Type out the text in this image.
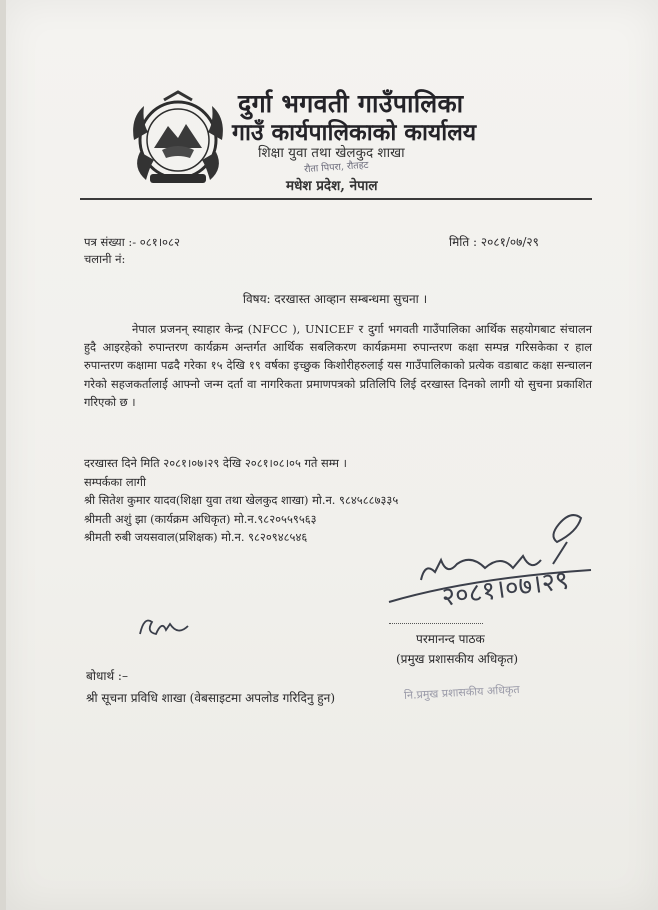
दुर्गा भगवती गाउँपालिका
गाउँ कार्यपालिकाको कार्यालय
शिक्षा युवा तथा खेलकुद शाखा
रौता पिपरा, रौतहट
मधेश प्रदेश, नेपाल
पत्र संख्या :- ०८१।०८२
चलानी नं:
मिति : २०८१/०७/२९
विषय: दरखास्त आव्हान सम्बन्धमा सुचना ।
नेपाल प्रजनन् स्याहार केन्द्र (NFCC ), UNICEF र दुर्गा भगवती गाउँपालिका आर्थिक सहयोगबाट संचालन हुदै आइरहेको रुपान्तरण कार्यक्रम अन्तर्गत आर्थिक सबलिकरण कार्यक्रममा रुपान्तरण कक्षा सम्पन्न गरिसकेका र हाल रुपान्तरण कक्षामा पढदै गरेका १५ देखि १९ वर्षका इच्छुक किशोरीहरुलाई यस गाउँपालिकाको प्रत्येक वडाबाट कक्षा सन्चालन गरेको सहजकर्तालाई आफ्नो जन्म दर्ता वा नागरिकता प्रमाणपत्रको प्रतिलिपि लिई दरखास्त दिनको लागी यो सुचना प्रकाशित गरिएको छ ।
दरखास्त दिने मिति २०८१।०७।२९ देखि २०८१।०८।०५ गते सम्म ।
सम्पर्कका लागी
श्री सितेश कुमार यादव(शिक्षा युवा तथा खेलकुद शाखा) मो.न. ९८४५८८७३३५
श्रीमती अशुं झा (कार्यक्रम अधिकृत) मो.न.९८२०५५९५६३
श्रीमती रुबी जयसवाल(प्रशिक्षक) मो.न. ९८२०९४८५४६
२०८१।०७।२९
परमानन्द पाठक
(प्रमुख प्रशासकीय अधिकृत)
बोधार्थ :–
श्री सूचना प्रविधि शाखा (वेबसाइटमा अपलोड गरिदिनु हुन)	नि.प्रमुख प्रशासकीय अधिकृत
